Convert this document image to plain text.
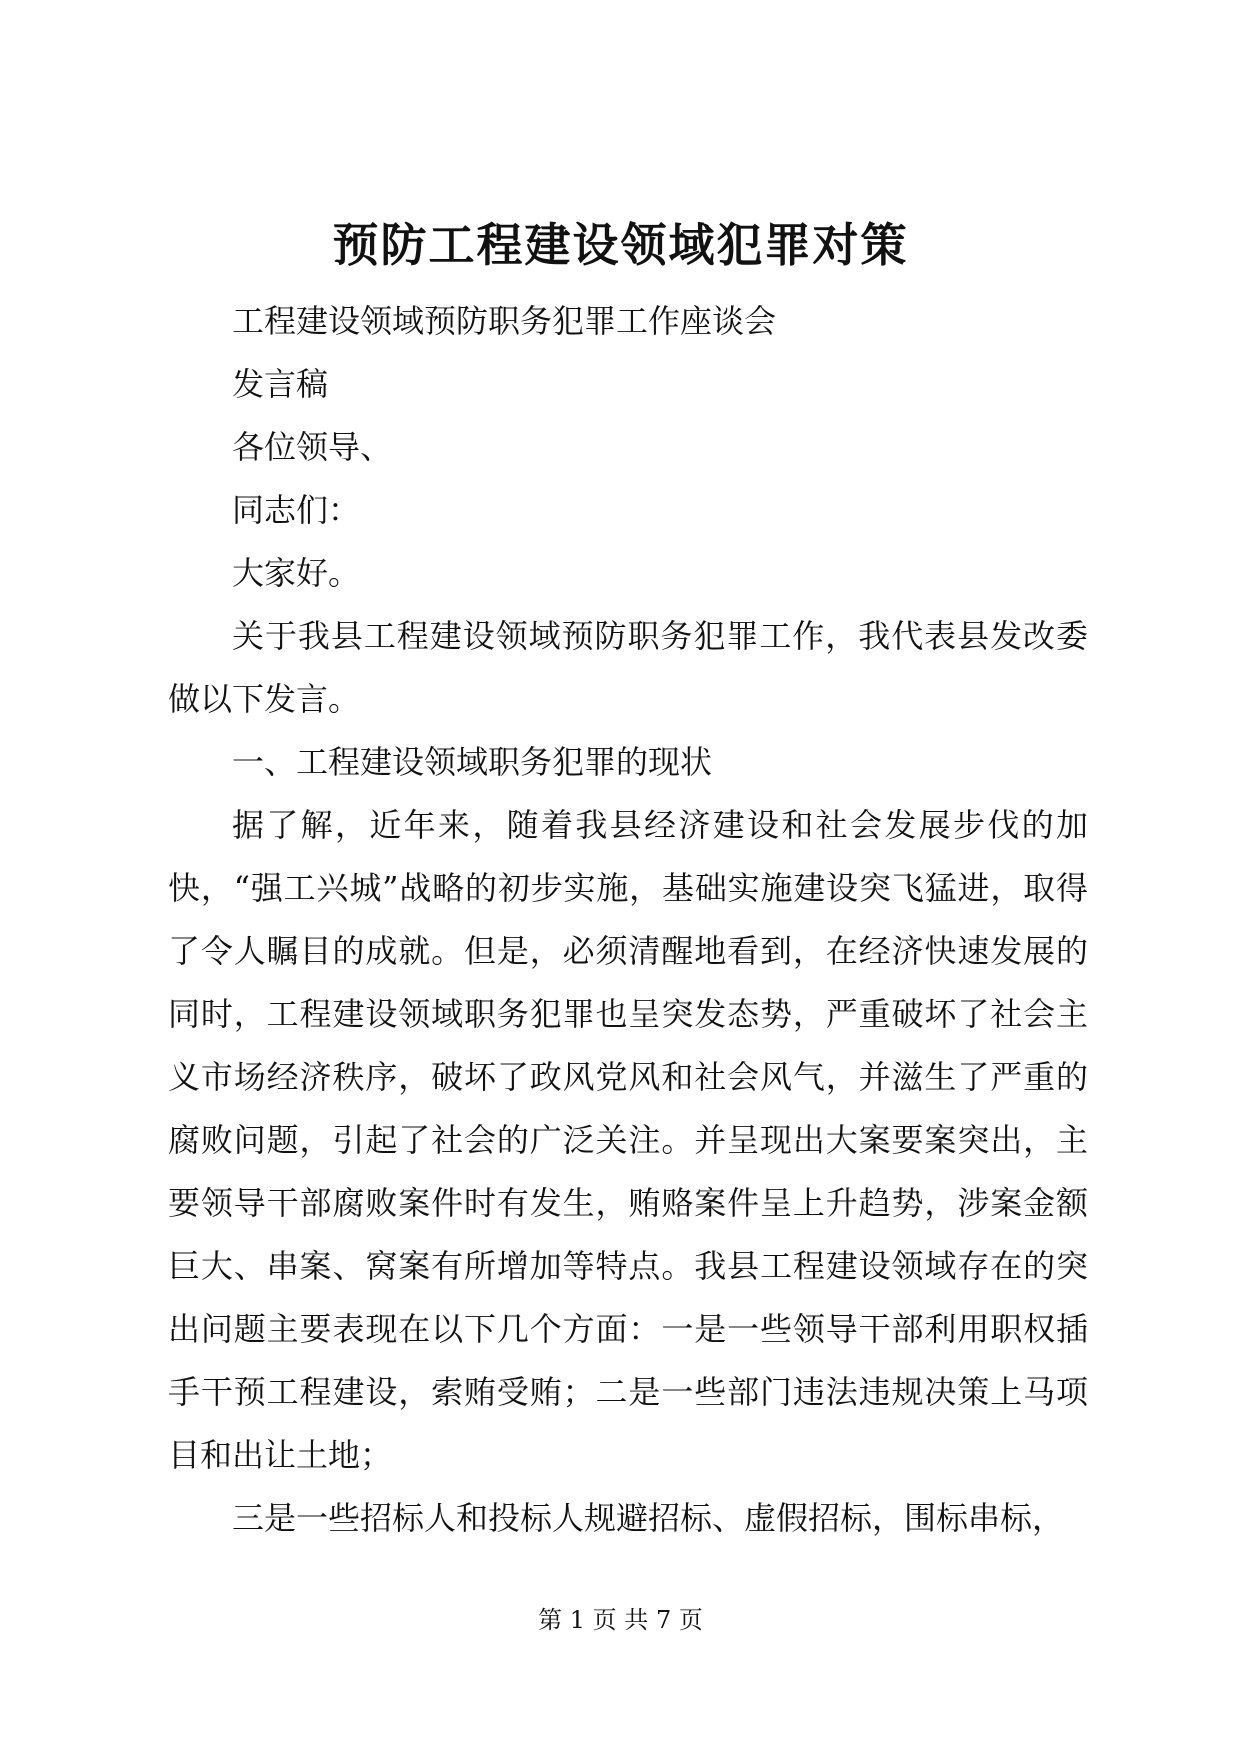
预防工程建设领域犯罪对策

工程建设领域预防职务犯罪工作座谈会

发言稿

各位领导、

同志们：

大家好。

关于我县工程建设领域预防职务犯罪工作，我代表县发改委做以下发言。

一、工程建设领域职务犯罪的现状

据了解，近年来，随着我县经济建设和社会发展步伐的加快，“强工兴城”战略的初步实施，基础实施建设突飞猛进，取得了令人瞩目的成就。但是，必须清醒地看到，在经济快速发展的同时，工程建设领域职务犯罪也呈突发态势，严重破坏了社会主义市场经济秩序，破坏了政风党风和社会风气，并滋生了严重的腐败问题，引起了社会的广泛关注。并呈现出大案要案突出，主要领导干部腐败案件时有发生，贿赂案件呈上升趋势，涉案金额巨大、串案、窝案有所增加等特点。我县工程建设领域存在的突出问题主要表现在以下几个方面：一是一些领导干部利用职权插手干预工程建设，索贿受贿；二是一些部门违法违规决策上马项目和出让土地；

三是一些招标人和投标人规避招标、虚假招标，围标串标，

第 1 页 共 7 页
